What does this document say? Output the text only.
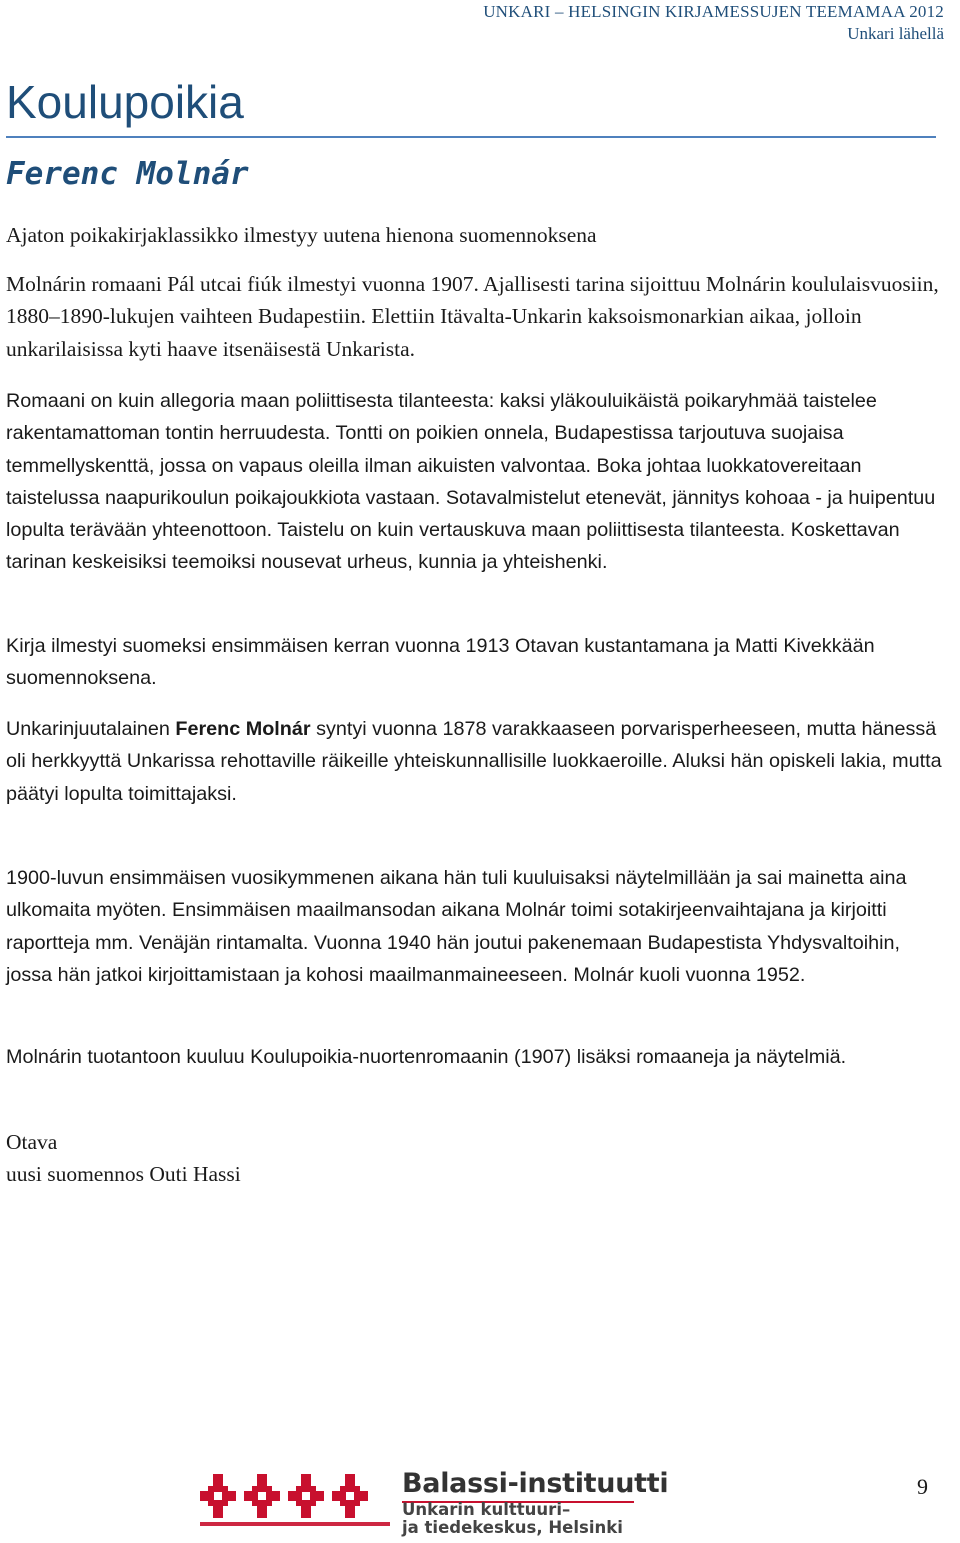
UNKARI – HELSINGIN KIRJAMESSUJEN TEEMAMAA 2012
Unkari lähellä
Koulupoikia
Ferenc Molnár

Ajaton poikakirjaklassikko ilmestyy uutena hienona suomennoksena

Molnárin romaani Pál utcai fiúk ilmestyi vuonna 1907. Ajallisesti tarina sijoittuu Molnárin koululaisvuosiin, 1880–1890-lukujen vaihteen Budapestiin. Elettiin Itävalta-Unkarin kaksoismonarkian aikaa, jolloin unkarilaisissa kyti haave itsenäisestä Unkarista.

Romaani on kuin allegoria maan poliittisesta tilanteesta: kaksi yläkouluikäistä poikaryhmää taistelee rakentamattoman tontin herruudesta. Tontti on poikien onnela, Budapestissa tarjoutuva suojaisa temmellyskenttä, jossa on vapaus oleilla ilman aikuisten valvontaa. Boka johtaa luokkatovereitaan taistelussa naapurikoulun poikajoukkiota vastaan. Sotavalmistelut etenevät, jännitys kohoaa - ja huipentuu lopulta terävään yhteenottoon. Taistelu on kuin vertauskuva maan poliittisesta tilanteesta. Koskettavan tarinan keskeisiksi teemoiksi nousevat urheus, kunnia ja yhteishenki.

Kirja ilmestyi suomeksi ensimmäisen kerran vuonna 1913 Otavan kustantamana ja Matti Kivekkään suomennoksena.

Unkarinjuutalainen Ferenc Molnár syntyi vuonna 1878 varakkaaseen porvarisperheeseen, mutta hänessä oli herkkyyttä Unkarissa rehottaville räikeille yhteiskunnallisille luokkaeroille. Aluksi hän opiskeli lakia, mutta päätyi lopulta toimittajaksi.

1900-luvun ensimmäisen vuosikymmenen aikana hän tuli kuuluisaksi näytelmillään ja sai mainetta aina ulkomaita myöten. Ensimmäisen maailmansodan aikana Molnár toimi sotakirjeenvaihtajana ja kirjoitti raportteja mm. Venäjän rintamalta. Vuonna 1940 hän joutui pakenemaan Budapestista Yhdysvaltoihin, jossa hän jatkoi kirjoittamistaan ja kohosi maailmanmaineeseen. Molnár kuoli vuonna 1952.

Molnárin tuotantoon kuuluu Koulupoikia-nuortenromaanin (1907) lisäksi romaaneja ja näytelmiä.

Otava

uusi suomennos Outi Hassi

Balassi-instituutti
Unkarin kulttuuri–
ja tiedekeskus, Helsinki
9
